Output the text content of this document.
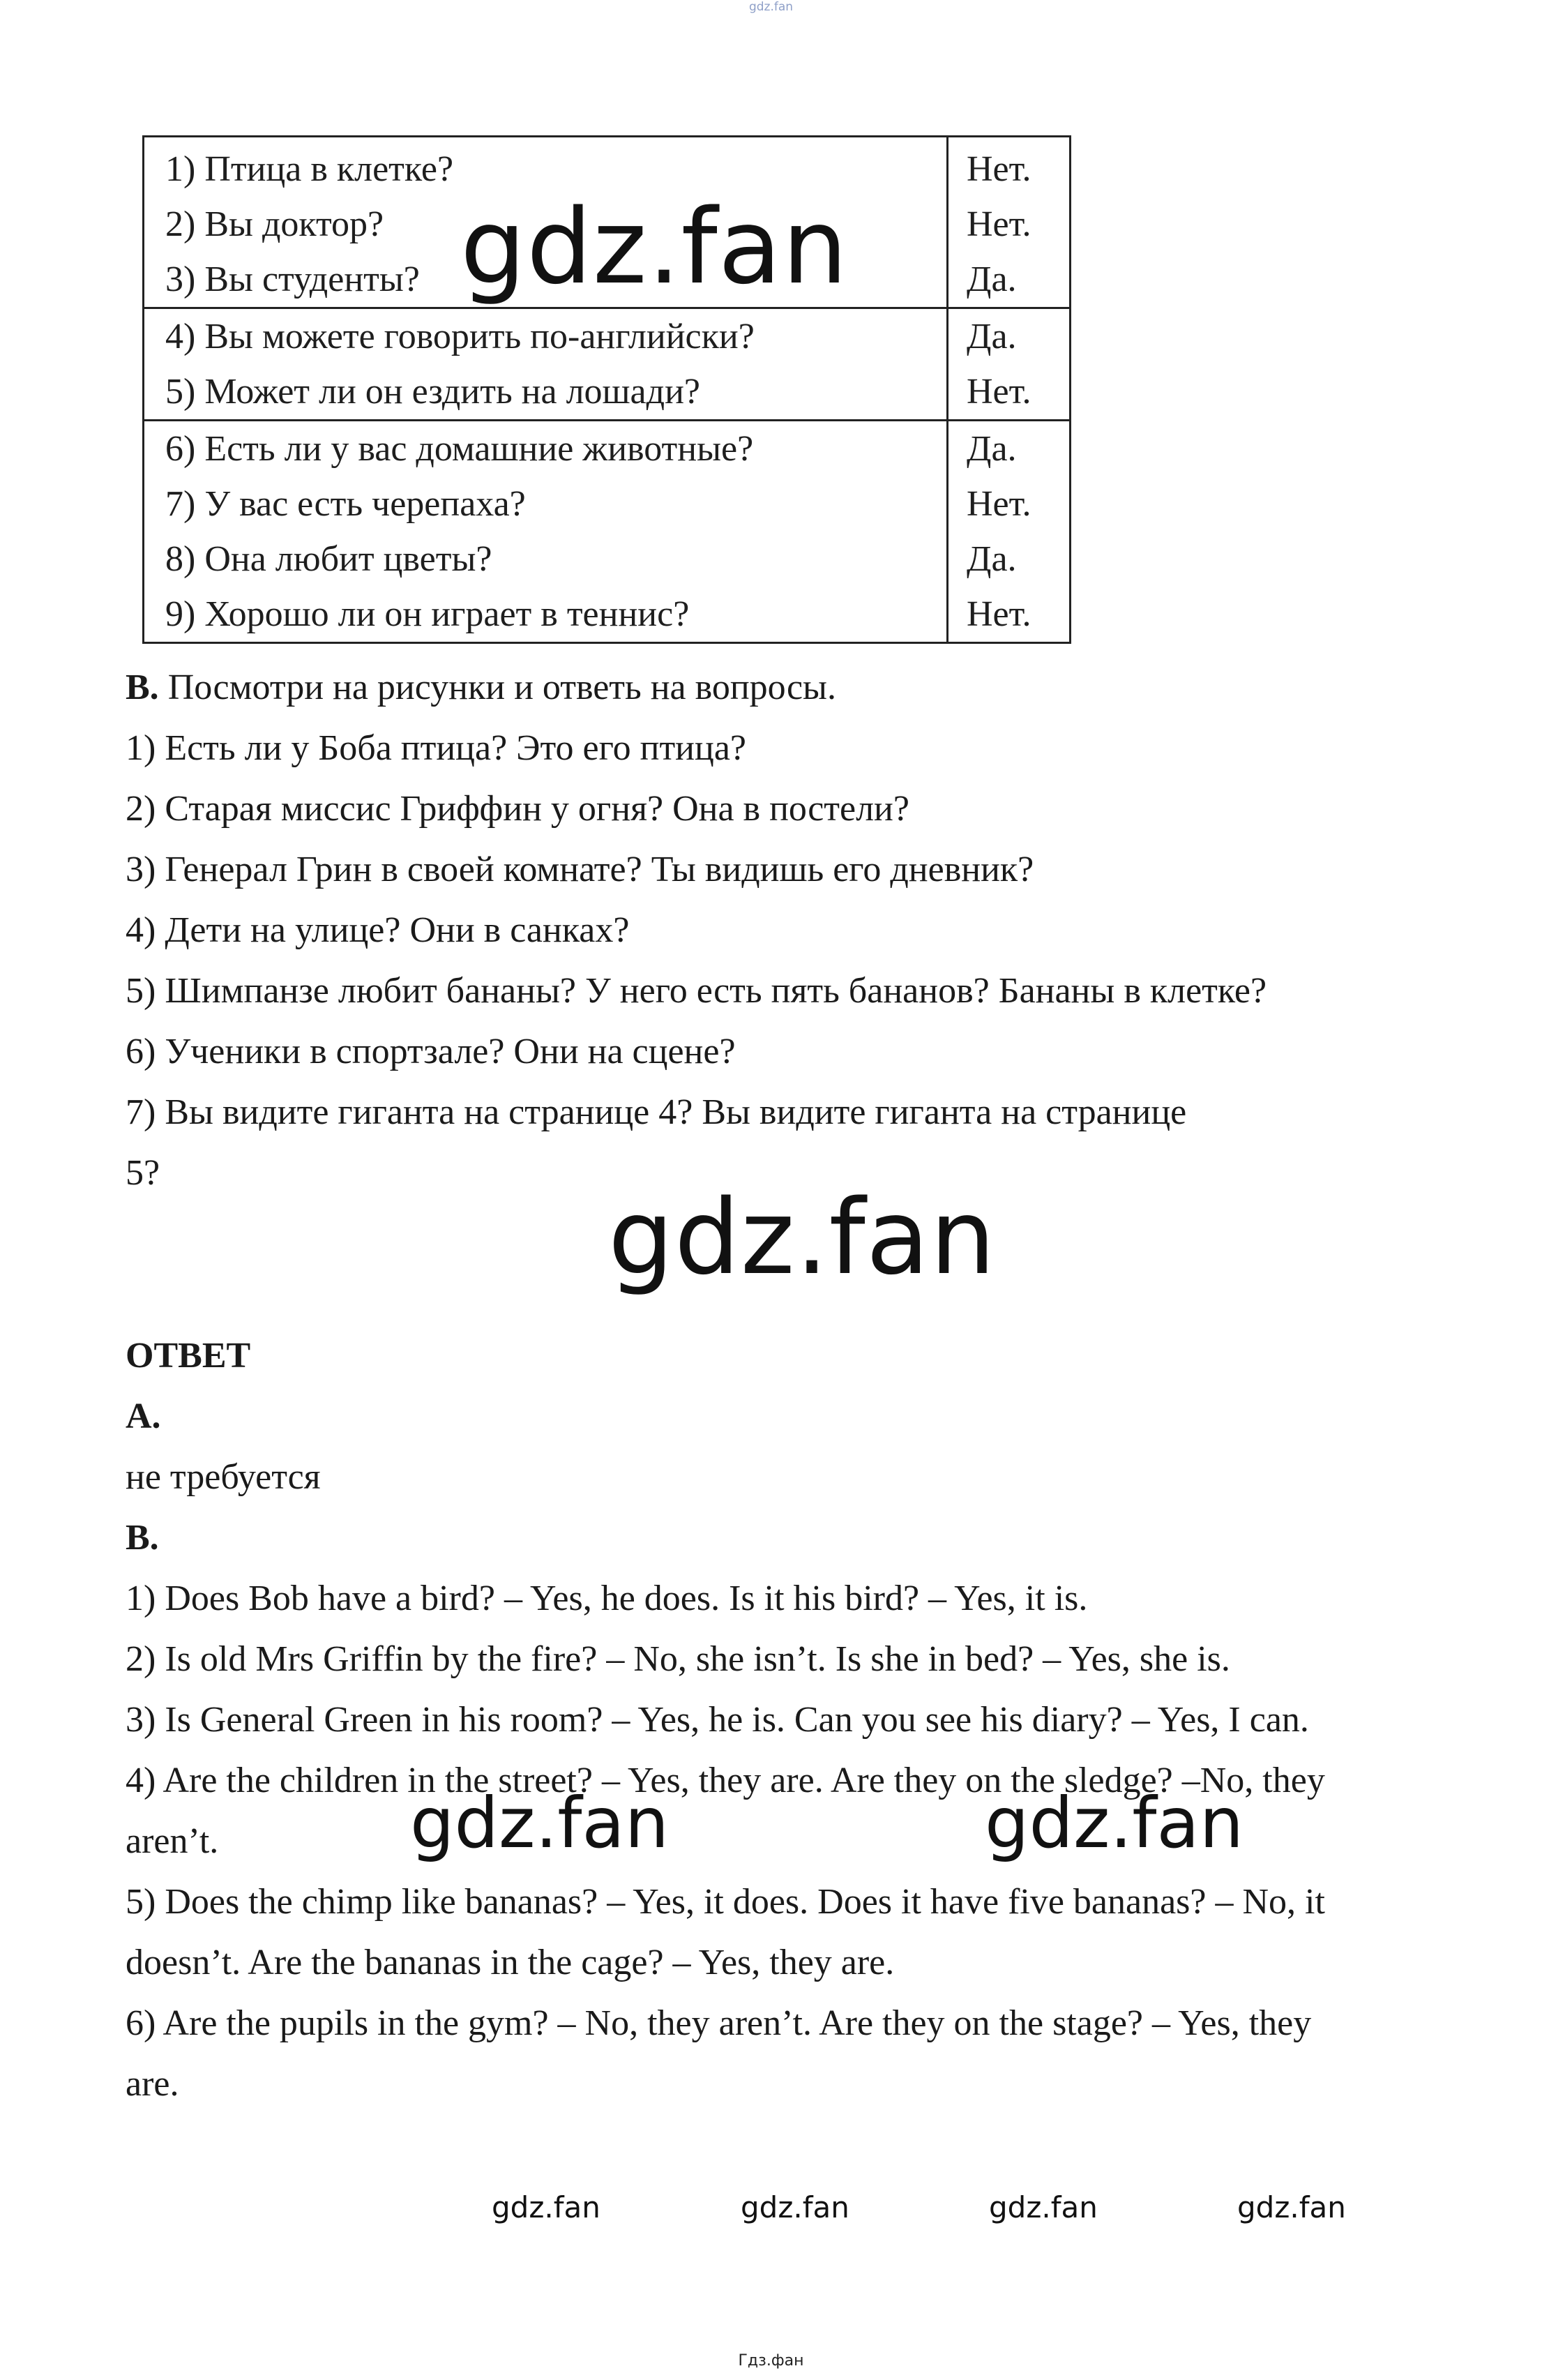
gdz.fan
1) Птица в клетке?	Нет.
2) Вы доктор?	Нет.
3) Вы студенты?	Да.
4) Вы можете говорить по-английски?	Да.
5) Может ли он ездить на лошади?	Нет.
6) Есть ли у вас домашние животные?	Да.
7) У вас есть черепаха?	Нет.
8) Она любит цветы?	Да.
9) Хорошо ли он играет в теннис?	Нет.

B. Посмотри на рисунки и ответь на вопросы.

1) Есть ли у Боба птица? Это его птица?

2) Старая миссис Гриффин у огня? Она в постели?

3) Генерал Грин в своей комнате? Ты видишь его дневник?

4) Дети на улице? Они в санках?

5) Шимпанзе любит бананы? У него есть пять бананов? Бананы в клетке?

6) Ученики в спортзале? Они на сцене?

7) Вы видите гиганта на странице 4? Вы видите гиганта на странице 5?

ОТВЕТ

A.

не требуется

B.

1) Does Bob have a bird? – Yes, he does. Is it his bird? – Yes, it is.

2) Is old Mrs Griffin by the fire? – No, she isn’t. Is she in bed? – Yes, she is.

3) Is General Green in his room? – Yes, he is. Can you see his diary? – Yes, I can.

4) Are the children in the street? – Yes, they are. Are they on the sledge? –No, they aren’t.

5) Does the chimp like bananas? – Yes, it does. Does it have five bananas? – No, it doesn’t. Are the bananas in the cage? – Yes, they are.

6) Are the pupils in the gym? – No, they aren’t. Are they on the stage? – Yes, they are.

gdz.fan
gdz.fan
gdz.fan	gdz.fan
gdz.fan	gdz.fan	gdz.fan	gdz.fan
Гдз.фан
